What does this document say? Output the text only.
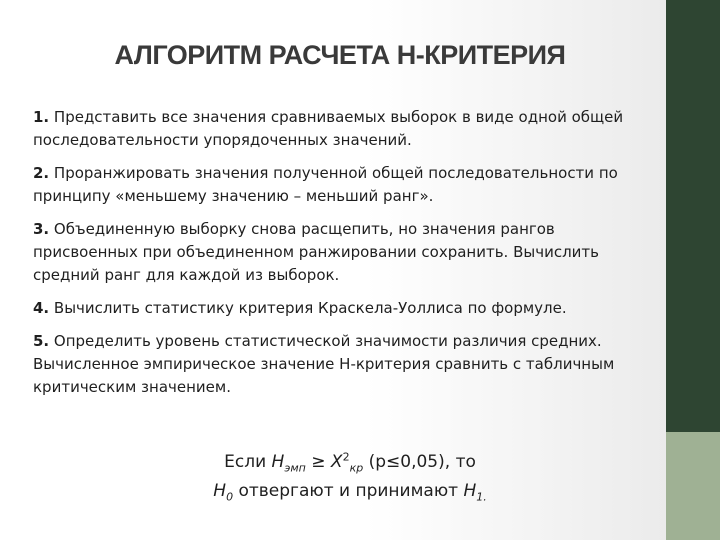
АЛГОРИТМ РАСЧЕТА Н-КРИТЕРИЯ
1. Представить все значения сравниваемых выборок в виде одной общей последовательности упорядоченных значений.
2. Проранжировать значения полученной общей последовательности по принципу «меньшему значению – меньший ранг».
3. Объединенную выборку снова расщепить, но значения рангов присвоенных при объединенном ранжировании сохранить. Вычислить средний ранг для каждой из выборок.
4. Вычислить статистику критерия Краскела-Уоллиса по формуле.
5. Определить уровень статистической значимости различия средних. Вычисленное эмпирическое значение Н-критерия сравнить с табличным критическим значением.
Если $Н_{эмп} \ge X^2_{кр}$ (p≤0,05), то
$Н_0$ отвергают и принимают $Н_{1.}$
